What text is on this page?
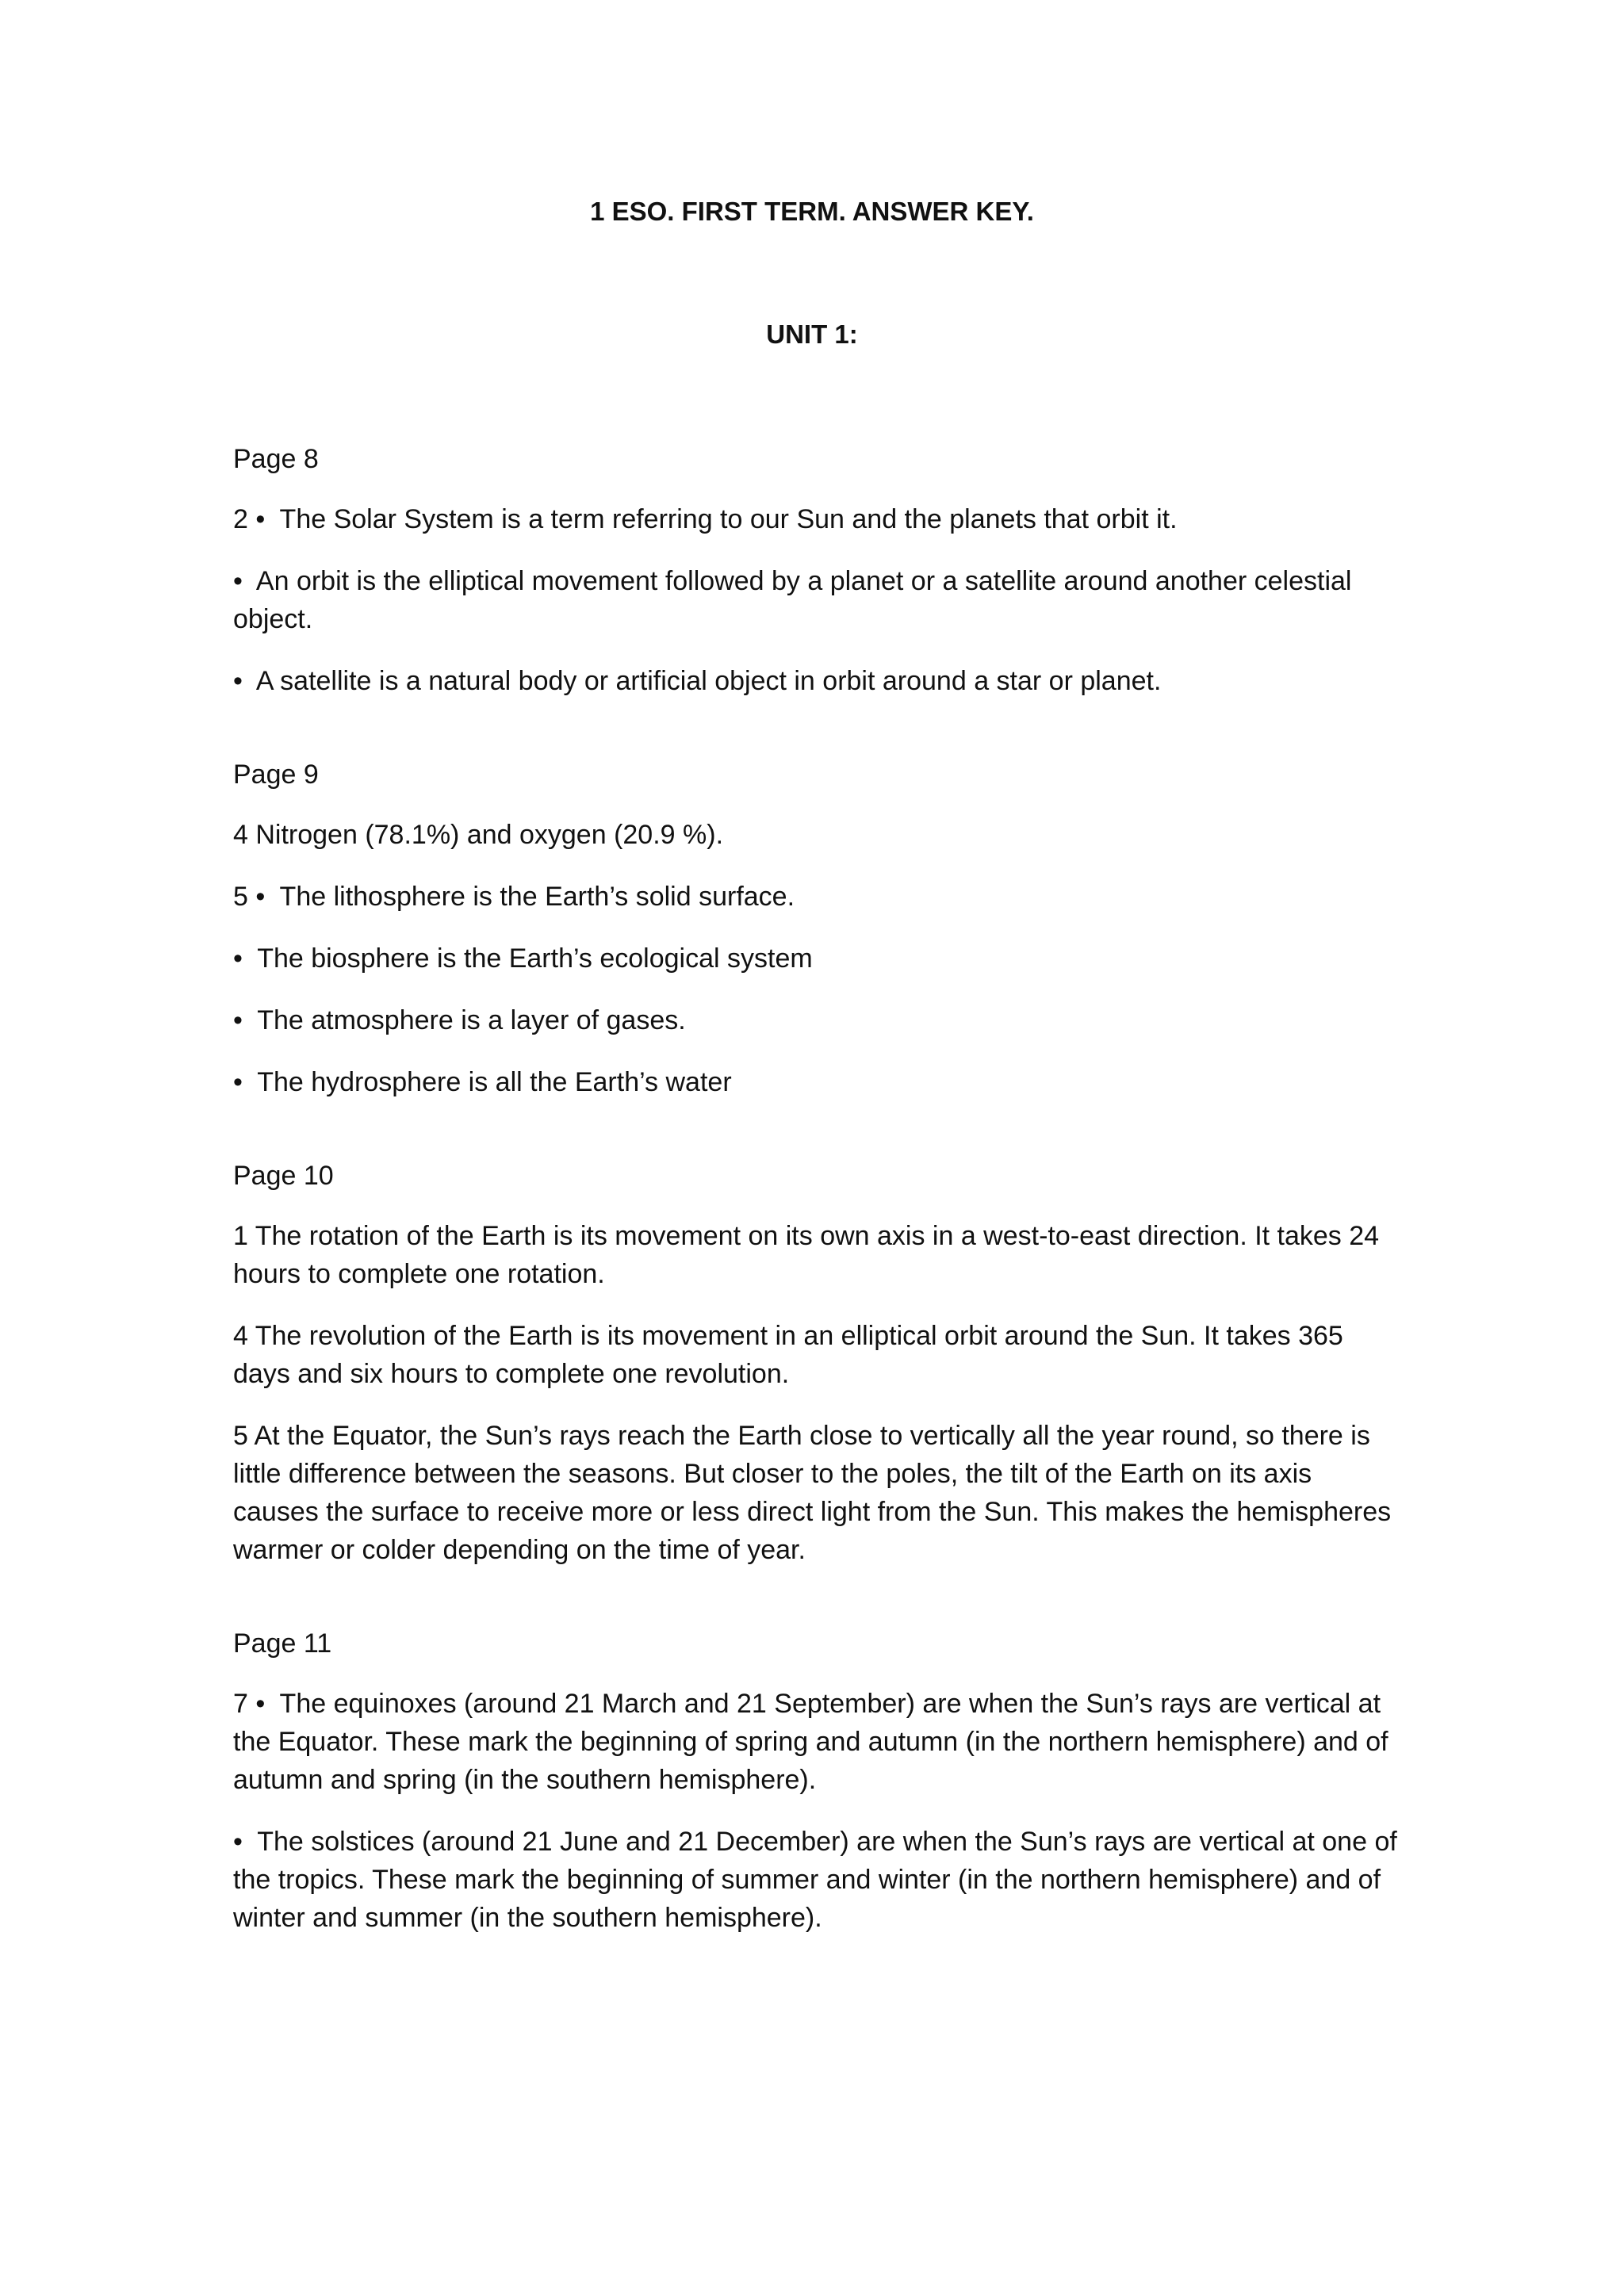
1 ESO. FIRST TERM. ANSWER KEY.
UNIT 1:

Page 8

2 •  The Solar System is a term referring to our Sun and the planets that orbit it.

•  An orbit is the elliptical movement followed by a planet or a satellite around another celestial object.

•  A satellite is a natural body or artificial object in orbit around a star or planet.

Page 9

4 Nitrogen (78.1%) and oxygen (20.9 %).

5 •  The lithosphere is the Earth’s solid surface.

•  The biosphere is the Earth’s ecological system

•  The atmosphere is a layer of gases.

•  The hydrosphere is all the Earth’s water

Page 10

1 The rotation of the Earth is its movement on its own axis in a west-to-east direction. It takes 24 hours to complete one rotation.

4 The revolution of the Earth is its movement in an elliptical orbit around the Sun. It takes 365 days and six hours to complete one revolution.

5 At the Equator, the Sun’s rays reach the Earth close to vertically all the year round, so there is little difference between the seasons. But closer to the poles, the tilt of the Earth on its axis causes the surface to receive more or less direct light from the Sun. This makes the hemispheres warmer or colder depending on the time of year.

Page 11

7 •  The equinoxes (around 21 March and 21 September) are when the Sun’s rays are vertical at the Equator. These mark the beginning of spring and autumn (in the northern hemisphere) and of autumn and spring (in the southern hemisphere).

•  The solstices (around 21 June and 21 December) are when the Sun’s rays are vertical at one of the tropics. These mark the beginning of summer and winter (in the northern hemisphere) and of winter and summer (in the southern hemisphere).
